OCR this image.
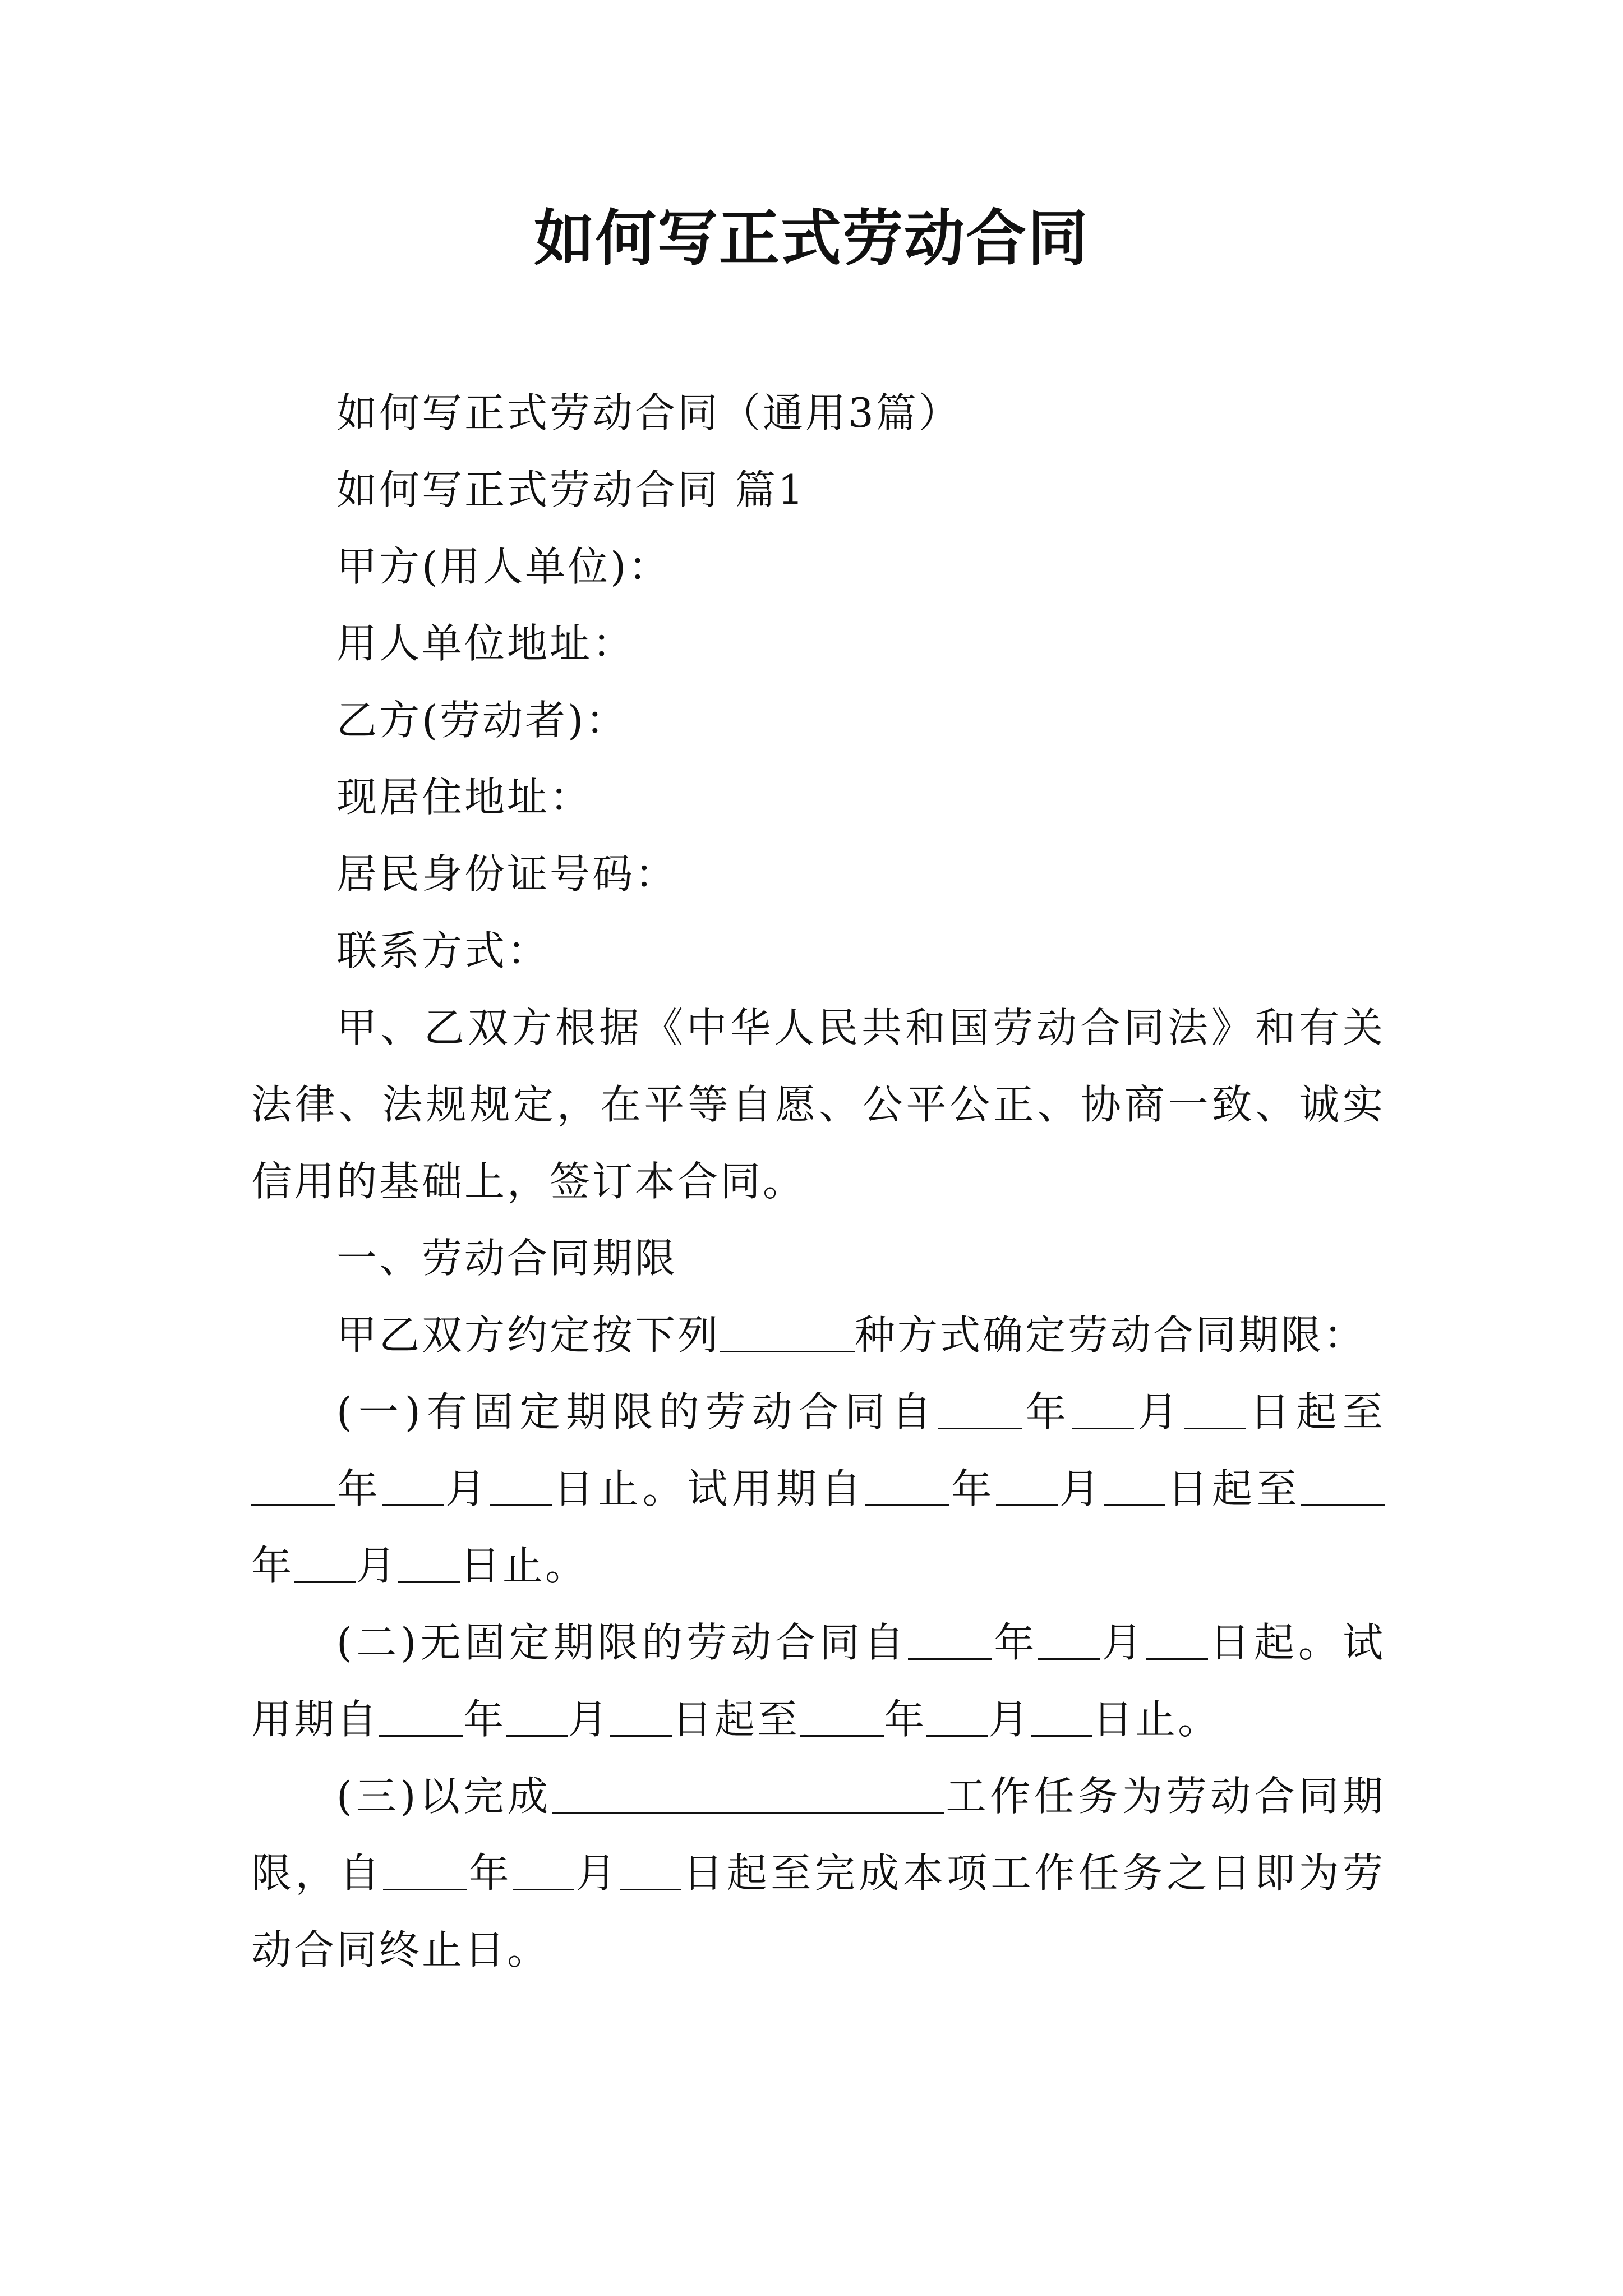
如何写正式劳动合同

如何写正式劳动合同（通用3篇）

如何写正式劳动合同 篇1

甲方(用人单位)：

用人单位地址：

乙方(劳动者)：

现居住地址：

居民身份证号码：

联系方式：

甲、乙双方根据《中华人民共和国劳动合同法》和有关法律、法规规定，在平等自愿、公平公正、协商一致、诚实信用的基础上，签订本合同。

一、劳动合同期限

甲乙双方约定按下列	种方式确定劳动合同期限：

(一)有固定期限的劳动合同自 年 月 日起至年 月 日止。试用期自 年 月 日起至年 月 日止。

(二)无固定期限的劳动合同自 年 月 日起。试用期自 年 月 日起至 年 月 日止。

(三)以完成	工作任务为劳动合同期限，自 年 月 日起至完成本项工作任务之日即为劳动合同终止日。
